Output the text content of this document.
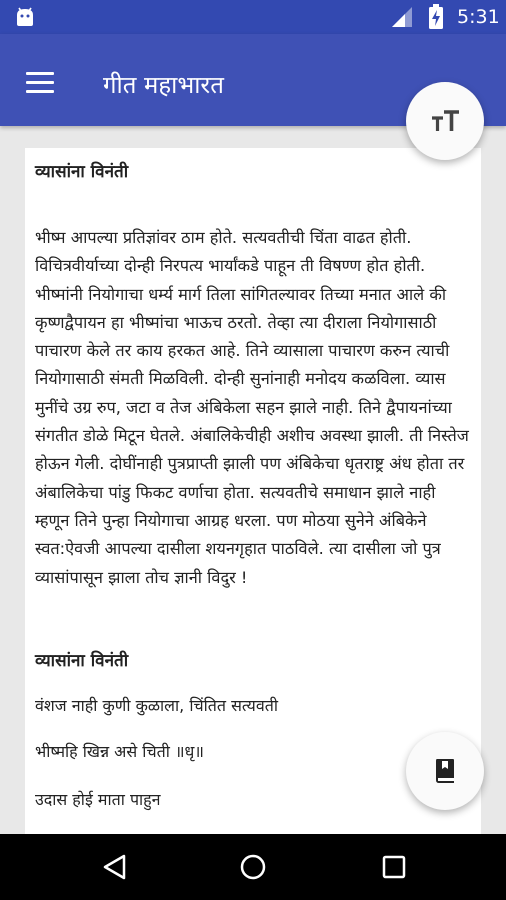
5:31
गीत महाभारत
व्यासांना विनंती
भीष्म आपल्या प्रतिज्ञांवर ठाम होते. सत्यवतीची चिंता वाढत होती. विचित्रवीर्याच्या दोन्ही निरपत्य भार्यांकडे पाहून ती विषण्ण होत होती. भीष्मांनी नियोगाचा धर्म्य मार्ग तिला सांगितल्यावर तिच्या मनात आले की कृष्णद्वैपायन हा भीष्मांचा भाऊच ठरतो. तेव्हा त्या दीराला नियोगासाठी पाचारण केले तर काय हरकत आहे. तिने व्यासाला पाचारण करुन त्याची नियोगासाठी संमती मिळविली. दोन्ही सुनांनाही मनोदय कळविला. व्यास मुनींचे उग्र रुप, जटा व तेज अंबिकेला सहन झाले नाही. तिने द्वैपायनांच्या संगतीत डोळे मिटून घेतले. अंबालिकेचीही अशीच अवस्था झाली. ती निस्तेज होऊन गेली. दोघींनाही पुत्रप्राप्ती झाली पण अंबिकेचा धृतराष्ट्र अंध होता तर अंबालिकेचा पांडु फिकट वर्णाचा होता. सत्यवतीचे समाधान झाले नाही म्हणून तिने पुन्हा नियोगाचा आग्रह धरला. पण मोठया सुनेने अंबिकेने स्वत:ऐवजी आपल्या दासीला शयनगृहात पाठविले. त्या दासीला जो पुत्र व्यासांपासून झाला तोच ज्ञानी विदुर !
व्यासांना विनंती
वंशज नाही कुणी कुळाला, चिंतित सत्यवती
भीष्महि खिन्न असे चिती ॥धृ॥
उदास होई माता पाहुन
